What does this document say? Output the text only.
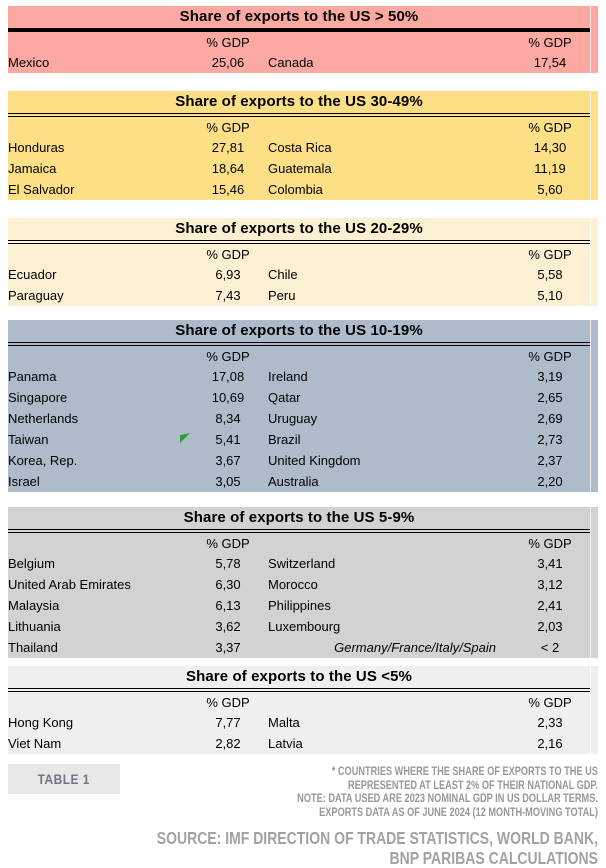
Share of exports to the US > 50%
	% GDP		% GDP
Mexico	25,06	Canada	17,54
Share of exports to the US 30-49%
	% GDP		% GDP
Honduras	27,81	Costa Rica	14,30
Jamaica	18,64	Guatemala	11,19
El Salvador	15,46	Colombia	5,60
Share of exports to the US 20-29%
	% GDP		% GDP
Ecuador	6,93	Chile	5,58
Paraguay	7,43	Peru	5,10
Share of exports to the US 10-19%
	% GDP		% GDP
Panama	17,08	Ireland	3,19
Singapore	10,69	Qatar	2,65
Netherlands	8,34	Uruguay	2,69
Taiwan	5,41	Brazil	2,73
Korea, Rep.	3,67	United Kingdom	2,37
Israel	3,05	Australia	2,20
Share of exports to the US 5-9%
	% GDP		% GDP
Belgium	5,78	Switzerland	3,41
United Arab Emirates	6,30	Morocco	3,12
Malaysia	6,13	Philippines	2,41
Lithuania	3,62	Luxembourg	2,03
Thailand	3,37	Germany/France/Italy/Spain	< 2
Share of exports to the US <5%
	% GDP		% GDP
Hong Kong	7,77	Malta	2,33
Viet Nam	2,82	Latvia	2,16
TABLE 1	* COUNTRIES WHERE THE SHARE OF EXPORTS TO THE US
REPRESENTED AT LEAST 2% OF THEIR NATIONAL GDP.
NOTE: DATA USED ARE 2023 NOMINAL GDP IN US DOLLAR TERMS.
EXPORTS DATA AS OF JUNE 2024 (12 MONTH-MOVING TOTAL)
SOURCE: IMF DIRECTION OF TRADE STATISTICS, WORLD BANK,
BNP PARIBAS CALCULATIONS
